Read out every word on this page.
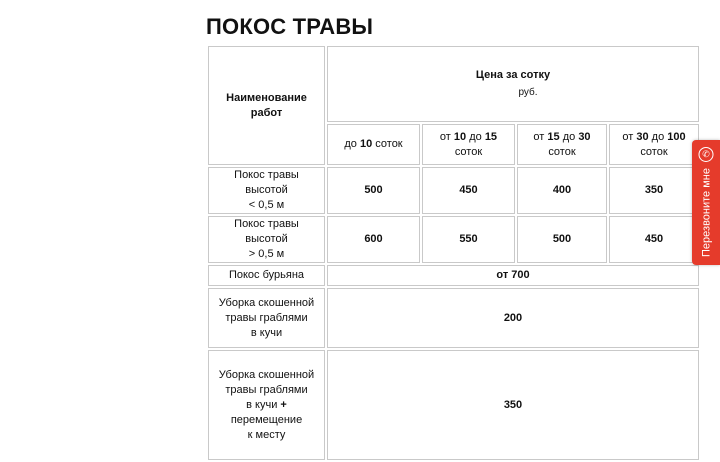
ПОКОС ТРАВЫ
Наименование работ	Цена за сотку
руб.			

	до 10 соток	от 10 до 15 соток	от 15 до 30 соток	от 30 до 100
соток
Покос травы высотой
< 0,5 м	500	450	400	350
Покос травы высотой
> 0,5 м	600	550	500	450
Покос бурьяна	от 700			
Уборка скошенной
травы граблями
в кучи	200			
Уборка скошенной
травы граблями
в кучи + перемещение
к месту	350			
Перезвоните мне
✆
